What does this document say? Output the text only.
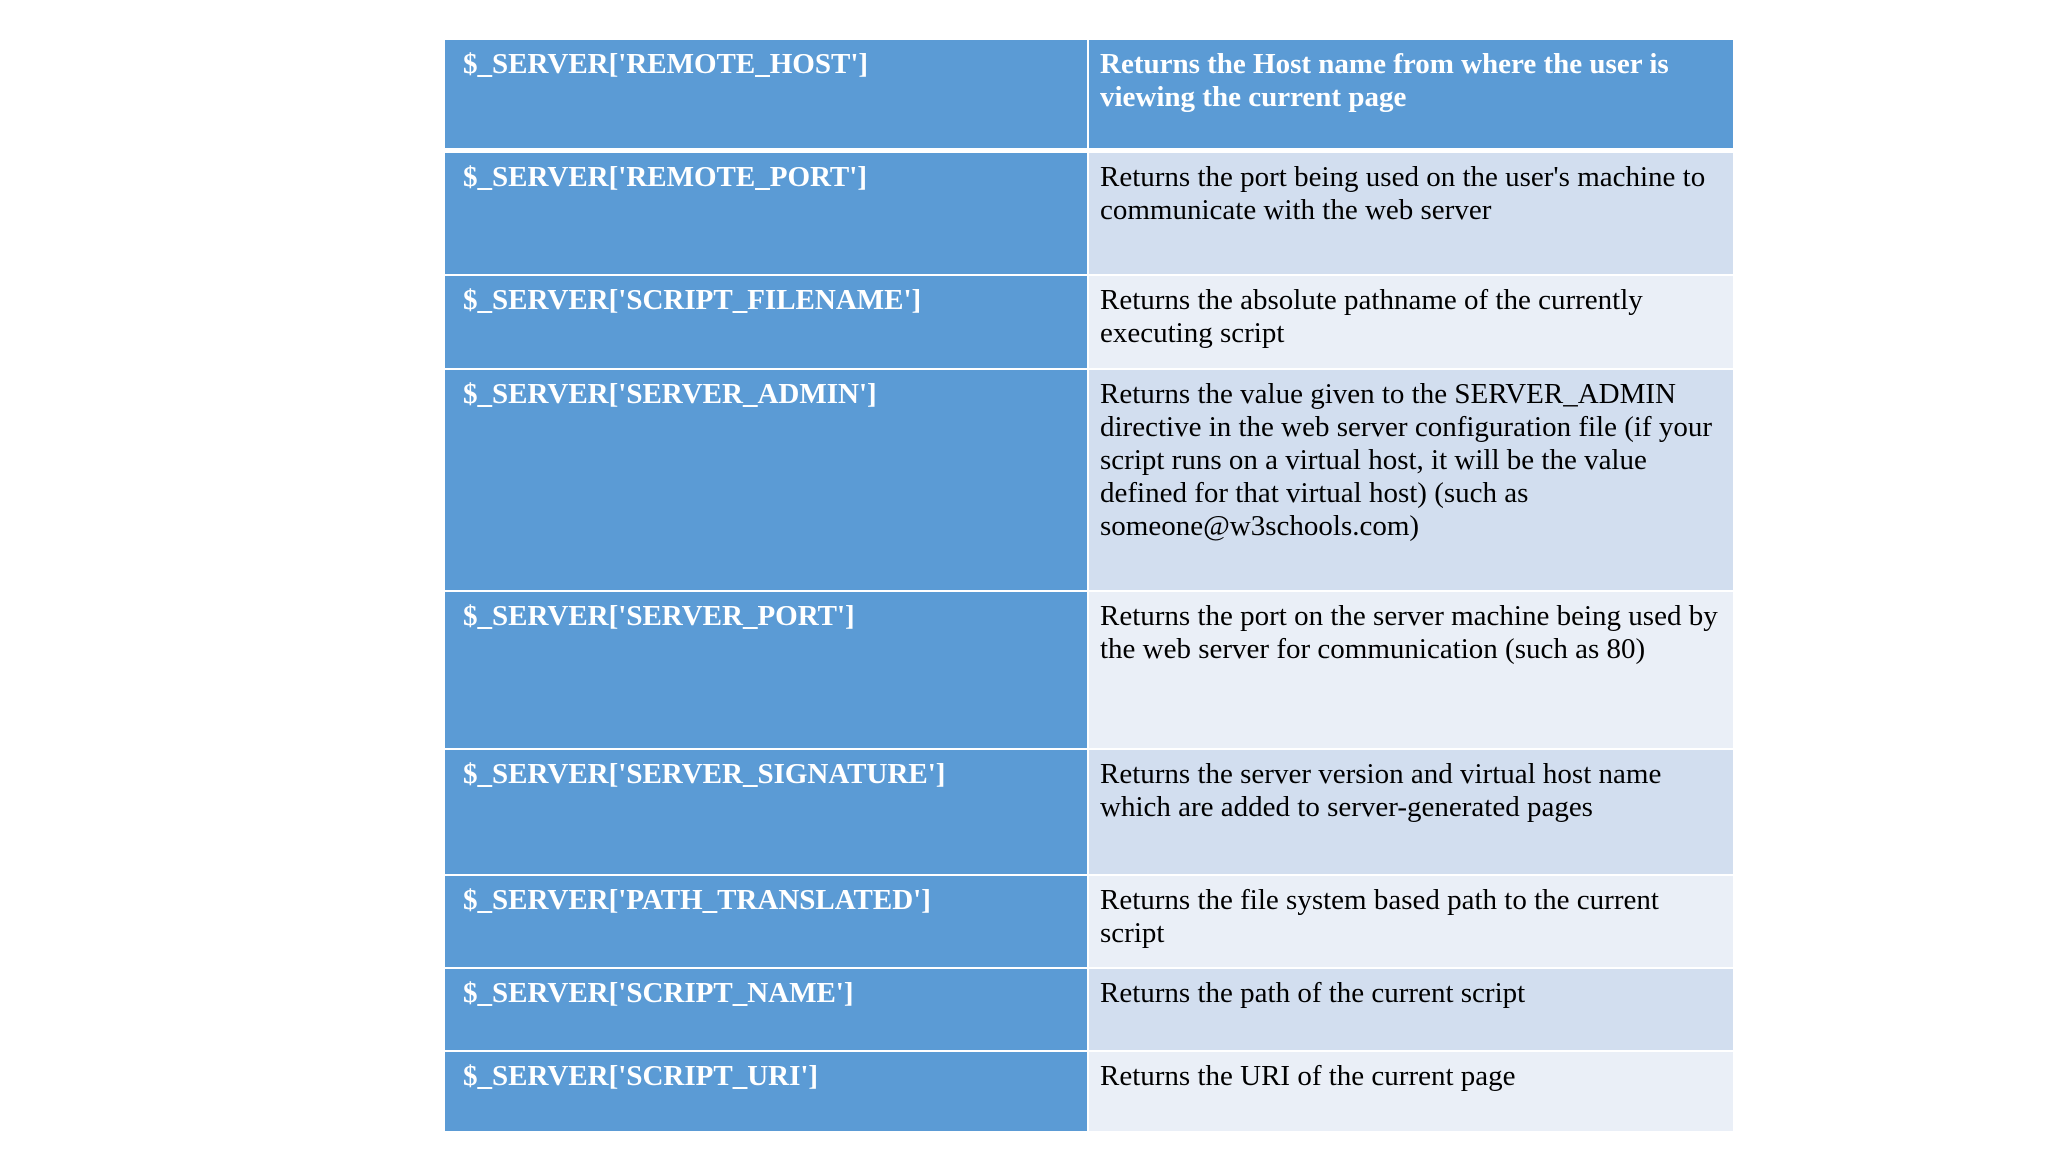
$_SERVER['REMOTE_HOST']	Returns the Host name from where the user is viewing the current page
$_SERVER['REMOTE_PORT']	Returns the port being used on the user's machine to communicate with the web server
$_SERVER['SCRIPT_FILENAME']	Returns the absolute pathname of the currently executing script
$_SERVER['SERVER_ADMIN']	Returns the value given to the SERVER_ADMIN directive in the web server configuration file (if your script runs on a virtual host, it will be the value defined for that virtual host) (such as someone@w3schools.com)
$_SERVER['SERVER_PORT']	Returns the port on the server machine being used by the web server for communication (such as 80)
$_SERVER['SERVER_SIGNATURE']	Returns the server version and virtual host name which are added to server-generated pages
$_SERVER['PATH_TRANSLATED']	Returns the file system based path to the current script
$_SERVER['SCRIPT_NAME']	Returns the path of the current script
$_SERVER['SCRIPT_URI']	Returns the URI of the current page
